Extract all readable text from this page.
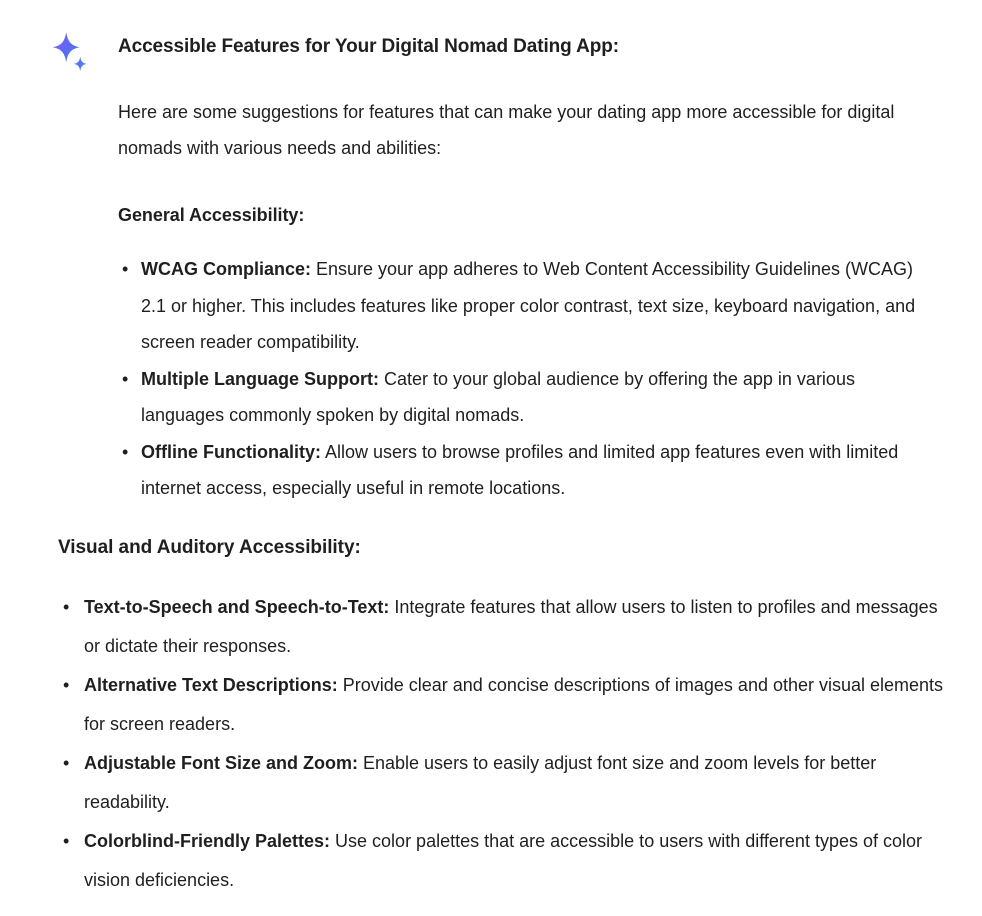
Accessible Features for Your Digital Nomad Dating App:

Here are some suggestions for features that can make your dating app more accessible for digital nomads with various needs and abilities:

General Accessibility:
• WCAG Compliance: Ensure your app adheres to Web Content Accessibility Guidelines (WCAG) 2.1 or higher. This includes features like proper color contrast, text size, keyboard navigation, and screen reader compatibility.
• Multiple Language Support: Cater to your global audience by offering the app in various languages commonly spoken by digital nomads.
• Offline Functionality: Allow users to browse profiles and limited app features even with limited internet access, especially useful in remote locations.
Visual and Auditory Accessibility:
• Text-to-Speech and Speech-to-Text: Integrate features that allow users to listen to profiles and messages or dictate their responses.
• Alternative Text Descriptions: Provide clear and concise descriptions of images and other visual elements for screen readers.
• Adjustable Font Size and Zoom: Enable users to easily adjust font size and zoom levels for better readability.
• Colorblind-Friendly Palettes: Use color palettes that are accessible to users with different types of color vision deficiencies.
